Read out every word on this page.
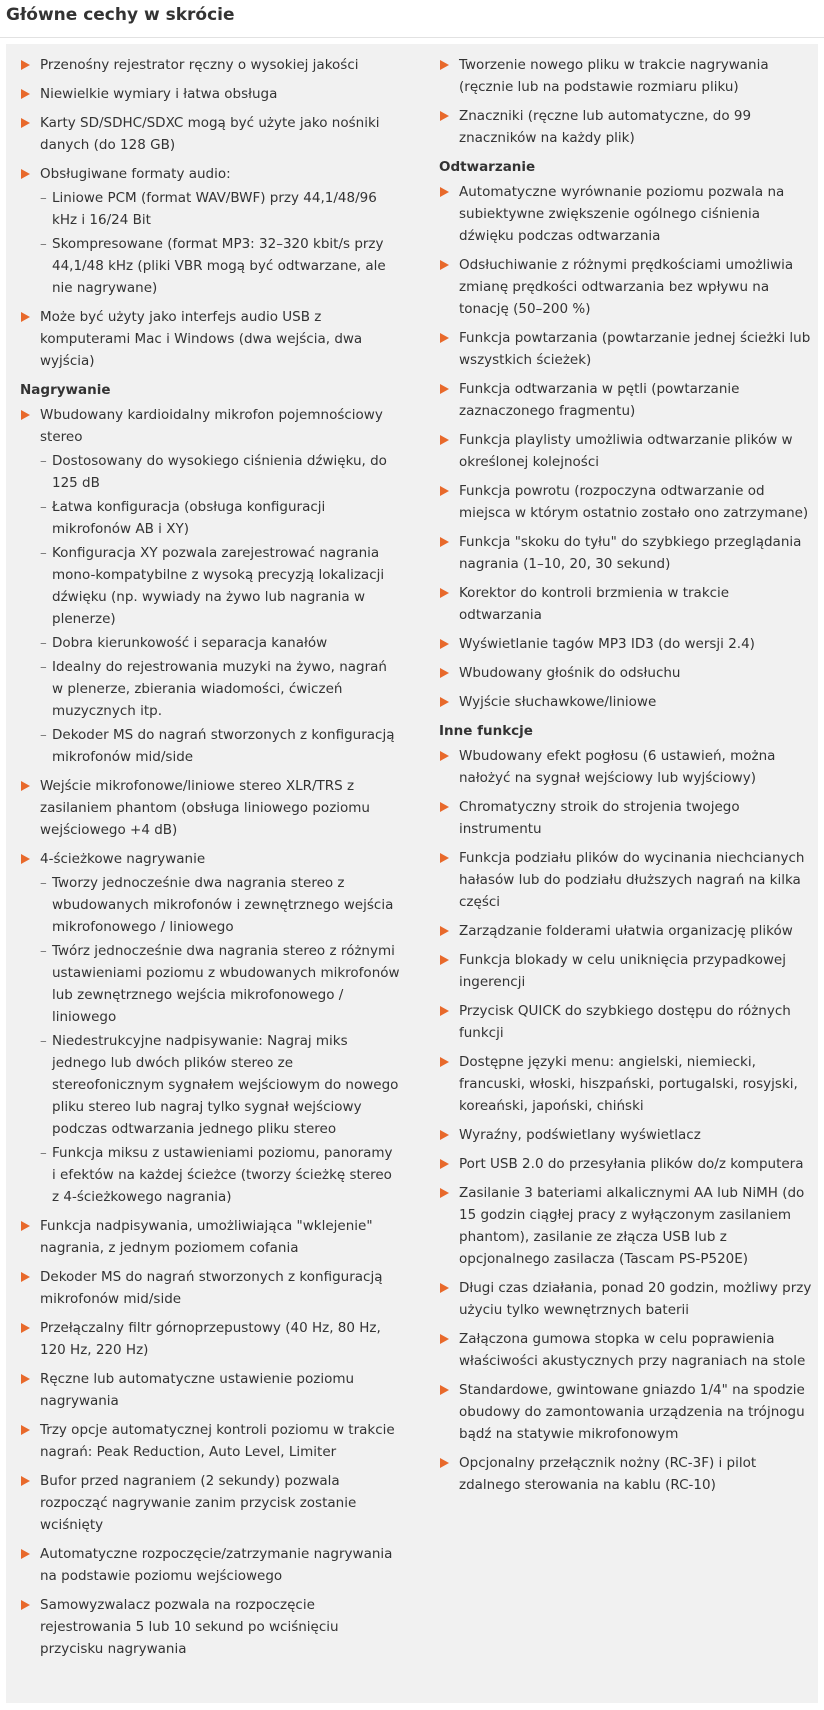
Główne cechy w skrócie
Przenośny rejestrator ręczny o wysokiej jakości
Niewielkie wymiary i łatwa obsługa
Karty SD/SDHC/SDXC mogą być użyte jako nośniki danych (do 128 GB)
Obsługiwane formaty audio:
– Liniowe PCM (format WAV/BWF) przy 44,1/48/96 kHz i 16/24 Bit
– Skompresowane (format MP3: 32–320 kbit/s przy 44,1/48 kHz (pliki VBR mogą być odtwarzane, ale nie nagrywane)
Może być użyty jako interfejs audio USB z komputerami Mac i Windows (dwa wejścia, dwa wyjścia)
Nagrywanie
Wbudowany kardioidalny mikrofon pojemnościowy stereo
– Dostosowany do wysokiego ciśnienia dźwięku, do 125 dB
– Łatwa konfiguracja (obsługa konfiguracji mikrofonów AB i XY)
– Konfiguracja XY pozwala zarejestrować nagrania mono-kompatybilne z wysoką precyzją lokalizacji dźwięku (np. wywiady na żywo lub nagrania w plenerze)
– Dobra kierunkowość i separacja kanałów
– Idealny do rejestrowania muzyki na żywo, nagrań w plenerze, zbierania wiadomości, ćwiczeń muzycznych itp.
– Dekoder MS do nagrań stworzonych z konfiguracją mikrofonów mid/side
Wejście mikrofonowe/liniowe stereo XLR/TRS z zasilaniem phantom (obsługa liniowego poziomu wejściowego +4 dB)
4-ścieżkowe nagrywanie
– Tworzy jednocześnie dwa nagrania stereo z wbudowanych mikrofonów i zewnętrznego wejścia mikrofonowego / liniowego
– Twórz jednocześnie dwa nagrania stereo z różnymi ustawieniami poziomu z wbudowanych mikrofonów lub zewnętrznego wejścia mikrofonowego / liniowego
– Niedestrukcyjne nadpisywanie: Nagraj miks jednego lub dwóch plików stereo ze stereofonicznym sygnałem wejściowym do nowego pliku stereo lub nagraj tylko sygnał wejściowy podczas odtwarzania jednego pliku stereo
– Funkcja miksu z ustawieniami poziomu, panoramy i efektów na każdej ścieżce (tworzy ścieżkę stereo z 4-ścieżkowego nagrania)
Funkcja nadpisywania, umożliwiająca "wklejenie" nagrania, z jednym poziomem cofania
Dekoder MS do nagrań stworzonych z konfiguracją mikrofonów mid/side
Przełączalny filtr górnoprzepustowy (40 Hz, 80 Hz, 120 Hz, 220 Hz)
Ręczne lub automatyczne ustawienie poziomu nagrywania
Trzy opcje automatycznej kontroli poziomu w trakcie nagrań: Peak Reduction, Auto Level, Limiter
Bufor przed nagraniem (2 sekundy) pozwala rozpocząć nagrywanie zanim przycisk zostanie wciśnięty
Automatyczne rozpoczęcie/zatrzymanie nagrywania na podstawie poziomu wejściowego
Samowyzwalacz pozwala na rozpoczęcie rejestrowania 5 lub 10 sekund po wciśnięciu przycisku nagrywania
Tworzenie nowego pliku w trakcie nagrywania (ręcznie lub na podstawie rozmiaru pliku)
Znaczniki (ręczne lub automatyczne, do 99 znaczników na każdy plik)
Odtwarzanie
Automatyczne wyrównanie poziomu pozwala na subiektywne zwiększenie ogólnego ciśnienia dźwięku podczas odtwarzania
Odsłuchiwanie z różnymi prędkościami umożliwia zmianę prędkości odtwarzania bez wpływu na tonację (50–200 %)
Funkcja powtarzania (powtarzanie jednej ścieżki lub wszystkich ścieżek)
Funkcja odtwarzania w pętli (powtarzanie zaznaczonego fragmentu)
Funkcja playlisty umożliwia odtwarzanie plików w określonej kolejności
Funkcja powrotu (rozpoczyna odtwarzanie od miejsca w którym ostatnio zostało ono zatrzymane)
Funkcja "skoku do tyłu" do szybkiego przeglądania nagrania (1–10, 20, 30 sekund)
Korektor do kontroli brzmienia w trakcie odtwarzania
Wyświetlanie tagów MP3 ID3 (do wersji 2.4)
Wbudowany głośnik do odsłuchu
Wyjście słuchawkowe/liniowe
Inne funkcje
Wbudowany efekt pogłosu (6 ustawień, można nałożyć na sygnał wejściowy lub wyjściowy)
Chromatyczny stroik do strojenia twojego instrumentu
Funkcja podziału plików do wycinania niechcianych hałasów lub do podziału dłuższych nagrań na kilka części
Zarządzanie folderami ułatwia organizację plików
Funkcja blokady w celu uniknięcia przypadkowej ingerencji
Przycisk QUICK do szybkiego dostępu do różnych funkcji
Dostępne języki menu: angielski, niemiecki, francuski, włoski, hiszpański, portugalski, rosyjski, koreański, japoński, chiński
Wyraźny, podświetlany wyświetlacz
Port USB 2.0 do przesyłania plików do/z komputera
Zasilanie 3 bateriami alkalicznymi AA lub NiMH (do 15 godzin ciągłej pracy z wyłączonym zasilaniem phantom), zasilanie ze złącza USB lub z opcjonalnego zasilacza (Tascam PS-P520E)
Długi czas działania, ponad 20 godzin, możliwy przy użyciu tylko wewnętrznych baterii
Załączona gumowa stopka w celu poprawienia właściwości akustycznych przy nagraniach na stole
Standardowe, gwintowane gniazdo 1/4" na spodzie obudowy do zamontowania urządzenia na trójnogu bądź na statywie mikrofonowym
Opcjonalny przełącznik nożny (RC-3F) i pilot zdalnego sterowania na kablu (RC-10)
